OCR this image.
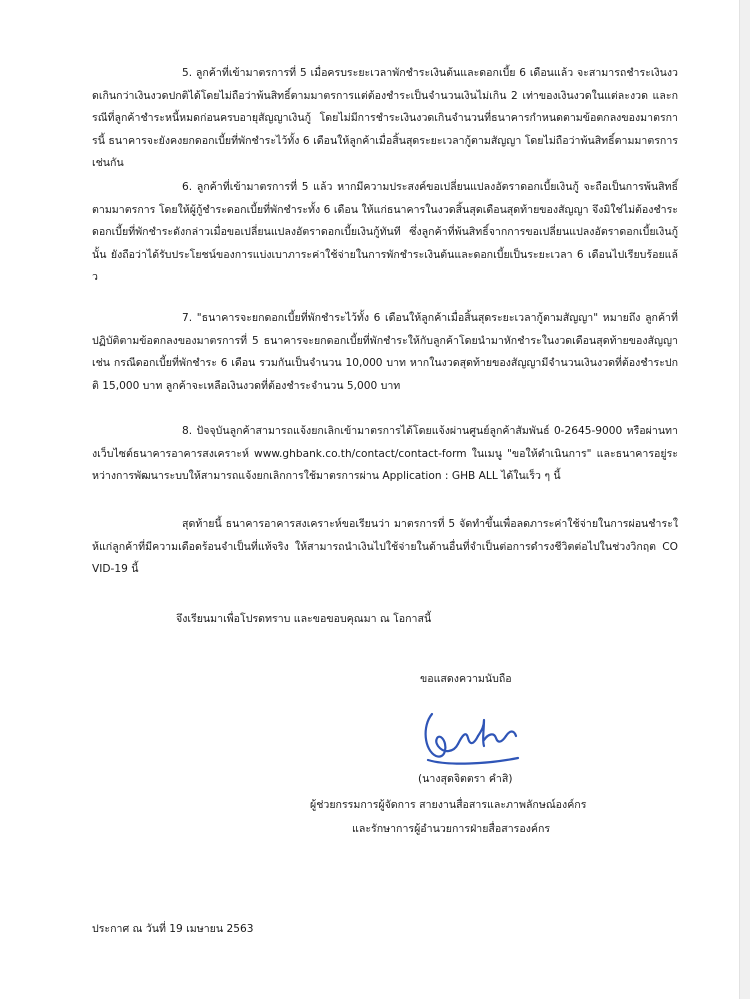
5. ลูกค้าที่เข้ามาตรการที่ 5 เมื่อครบระยะเวลาพักชำระเงินต้นและดอกเบี้ย 6 เดือนแล้ว จะสามารถชำระเงินงวดเกินกว่าเงินงวดปกติได้โดยไม่ถือว่าพ้นสิทธิ์ตามมาตรการแต่ต้องชำระเป็นจำนวนเงินไม่เกิน 2 เท่าของเงินงวดในแต่ละงวด และกรณีที่ลูกค้าชำระหนี้หมดก่อนครบอายุสัญญาเงินกู้ โดยไม่มีการชำระเงินงวดเกินจำนวนที่ธนาคารกำหนดตามข้อตกลงของมาตรการนี้ ธนาคารจะยังคงยกดอกเบี้ยที่พักชำระไว้ทั้ง 6 เดือนให้ลูกค้าเมื่อสิ้นสุดระยะเวลากู้ตามสัญญา โดยไม่ถือว่าพ้นสิทธิ์ตามมาตรการเช่นกัน
6. ลูกค้าที่เข้ามาตรการที่ 5 แล้ว หากมีความประสงค์ขอเปลี่ยนแปลงอัตราดอกเบี้ยเงินกู้ จะถือเป็นการพ้นสิทธิ์ตามมาตรการ โดยให้ผู้กู้ชำระดอกเบี้ยที่พักชำระทั้ง 6 เดือน ให้แก่ธนาคารในงวดสิ้นสุดเดือนสุดท้ายของสัญญา จึงมิใช่ไม่ต้องชำระดอกเบี้ยที่พักชำระดังกล่าวเมื่อขอเปลี่ยนแปลงอัตราดอกเบี้ยเงินกู้ทันที ซึ่งลูกค้าที่พ้นสิทธิ์จากการขอเปลี่ยนแปลงอัตราดอกเบี้ยเงินกู้นั้น ยังถือว่าได้รับประโยชน์ของการแบ่งเบาภาระค่าใช้จ่ายในการพักชำระเงินต้นและดอกเบี้ยเป็นระยะเวลา 6 เดือนไปเรียบร้อยแล้ว
7. "ธนาคารจะยกดอกเบี้ยที่พักชำระไว้ทั้ง 6 เดือนให้ลูกค้าเมื่อสิ้นสุดระยะเวลากู้ตามสัญญา" หมายถึง ลูกค้าที่ปฏิบัติตามข้อตกลงของมาตรการที่ 5 ธนาคารจะยกดอกเบี้ยที่พักชำระให้กับลูกค้าโดยนำมาหักชำระในงวดเดือนสุดท้ายของสัญญา เช่น กรณีดอกเบี้ยที่พักชำระ 6 เดือน รวมกันเป็นจำนวน 10,000 บาท หากในงวดสุดท้ายของสัญญามีจำนวนเงินงวดที่ต้องชำระปกติ 15,000 บาท ลูกค้าจะเหลือเงินงวดที่ต้องชำระจำนวน 5,000 บาท
8. ปัจจุบันลูกค้าสามารถแจ้งยกเลิกเข้ามาตรการได้โดยแจ้งผ่านศูนย์ลูกค้าสัมพันธ์ 0-2645-9000 หรือผ่านทางเว็บไซต์ธนาคารอาคารสงเคราะห์ www.ghbank.co.th/contact/contact-form ในเมนู "ขอให้ดำเนินการ" และธนาคารอยู่ระหว่างการพัฒนาระบบให้สามารถแจ้งยกเลิกการใช้มาตรการผ่าน Application : GHB ALL ได้ในเร็ว ๆ นี้
สุดท้ายนี้ ธนาคารอาคารสงเคราะห์ขอเรียนว่า มาตรการที่ 5 จัดทำขึ้นเพื่อลดภาระค่าใช้จ่ายในการผ่อนชำระให้แก่ลูกค้าที่มีความเดือดร้อนจำเป็นที่แท้จริง ให้สามารถนำเงินไปใช้จ่ายในด้านอื่นที่จำเป็นต่อการดำรงชีวิตต่อไปในช่วงวิกฤต COVID-19 นี้
จึงเรียนมาเพื่อโปรดทราบ และขอขอบคุณมา ณ โอกาสนี้
ขอแสดงความนับถือ
(นางสุดจิตตรา คำสิ)
ผู้ช่วยกรรมการผู้จัดการ สายงานสื่อสารและภาพลักษณ์องค์กร
และรักษาการผู้อำนวยการฝ่ายสื่อสารองค์กร
ประกาศ ณ วันที่ 19 เมษายน 2563
